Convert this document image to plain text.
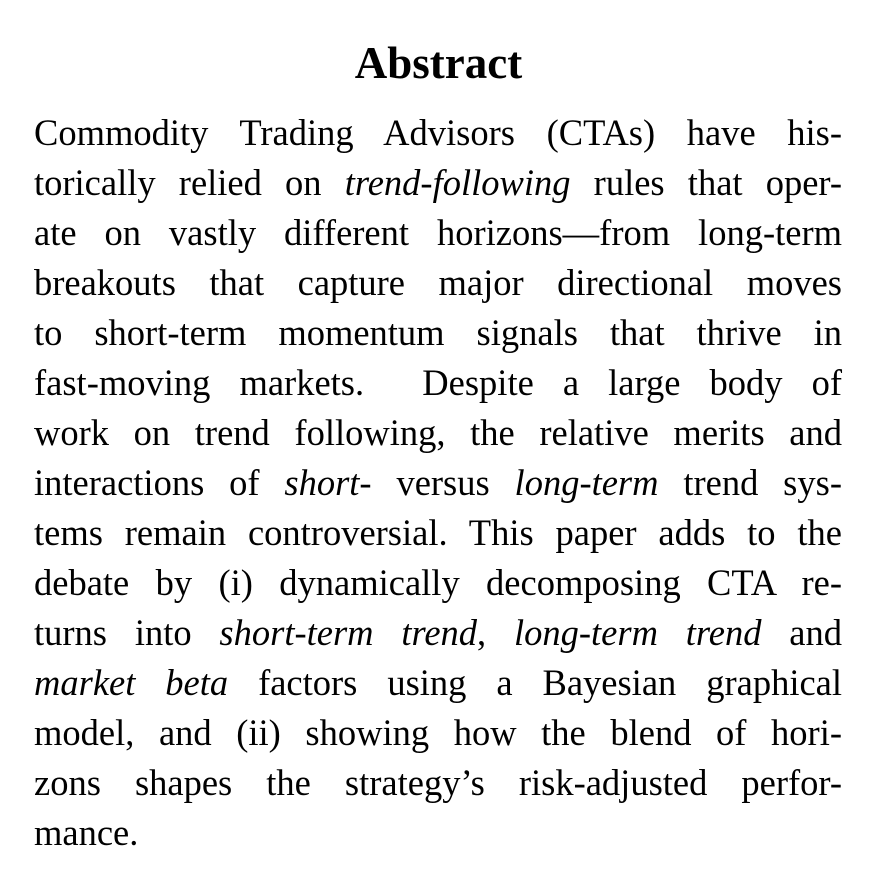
Abstract
Commodity Trading Advisors (CTAs) have his-
torically relied on trend-following rules that oper-
ate on vastly different horizons—from long-term
breakouts that capture major directional moves
to short-term momentum signals that thrive in
fast-moving markets.  Despite a large body of
work on trend following, the relative merits and
interactions of short- versus long-term trend sys-
tems remain controversial. This paper adds to the
debate by (i) dynamically decomposing CTA re-
turns into short-term trend, long-term trend and
market beta factors using a Bayesian graphical
model, and (ii) showing how the blend of hori-
zons shapes the strategy’s risk-adjusted perfor-
mance.
